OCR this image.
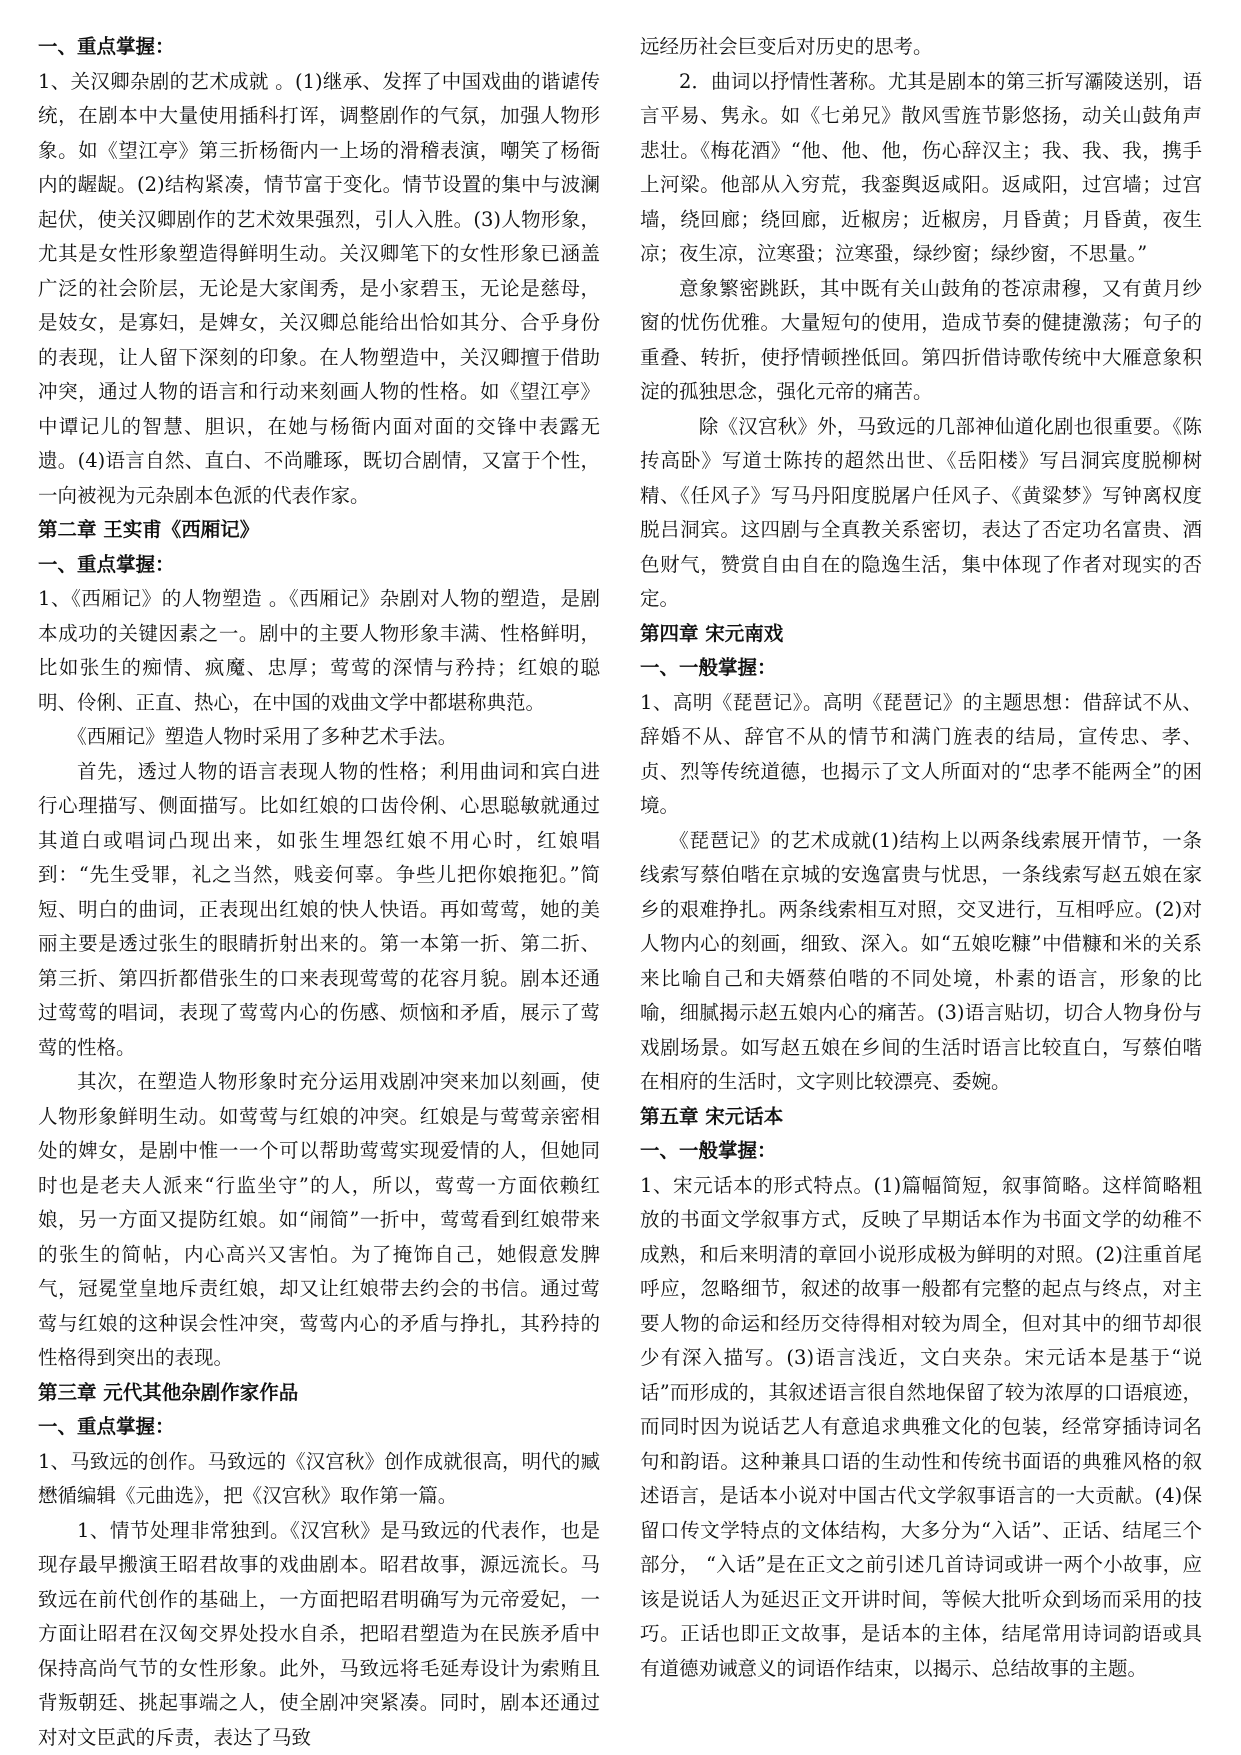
一、重点掌握：

1、关汉卿杂剧的艺术成就 。(1)继承、发挥了中国戏曲的谐谑传统，在剧本中大量使用插科打诨，调整剧作的气氛，加强人物形象。如《望江亭》第三折杨衙内一上场的滑稽表演，嘲笑了杨衙内的龌龊。(2)结构紧凑，情节富于变化。情节设置的集中与波澜起伏，使关汉卿剧作的艺术效果强烈，引人入胜。(3)人物形象，尤其是女性形象塑造得鲜明生动。关汉卿笔下的女性形象已涵盖广泛的社会阶层，无论是大家闺秀，是小家碧玉，无论是慈母，是妓女，是寡妇，是婢女，关汉卿总能给出恰如其分、合乎身份的表现，让人留下深刻的印象。在人物塑造中，关汉卿擅于借助冲突，通过人物的语言和行动来刻画人物的性格。如《望江亭》中谭记儿的智慧、胆识，在她与杨衙内面对面的交锋中表露无遗。(4)语言自然、直白、不尚雕琢，既切合剧情，又富于个性，一向被视为元杂剧本色派的代表作家。

第二章 王实甫《西厢记》

一、重点掌握：

1、《西厢记》的人物塑造 。《西厢记》杂剧对人物的塑造，是剧本成功的关键因素之一。剧中的主要人物形象丰满、性格鲜明，比如张生的痴情、疯魔、忠厚；莺莺的深情与矜持；红娘的聪明、伶俐、正直、热心，在中国的戏曲文学中都堪称典范。

《西厢记》塑造人物时采用了多种艺术手法。

首先，透过人物的语言表现人物的性格；利用曲词和宾白进行心理描写、侧面描写。比如红娘的口齿伶俐、心思聪敏就通过其道白或唱词凸现出来，如张生埋怨红娘不用心时，红娘唱到：“先生受罪，礼之当然，贱妾何辜。争些儿把你娘拖犯。”简短、明白的曲词，正表现出红娘的快人快语。再如莺莺，她的美丽主要是透过张生的眼睛折射出来的。第一本第一折、第二折、第三折、第四折都借张生的口来表现莺莺的花容月貌。剧本还通过莺莺的唱词，表现了莺莺内心的伤感、烦恼和矛盾，展示了莺莺的性格。

其次，在塑造人物形象时充分运用戏剧冲突来加以刻画，使人物形象鲜明生动。如莺莺与红娘的冲突。红娘是与莺莺亲密相处的婢女，是剧中惟一一个可以帮助莺莺实现爱情的人，但她同时也是老夫人派来“行监坐守”的人，所以，莺莺一方面依赖红娘，另一方面又提防红娘。如“闹简”一折中，莺莺看到红娘带来的张生的简帖，内心高兴又害怕。为了掩饰自己，她假意发脾气，冠冕堂皇地斥责红娘，却又让红娘带去约会的书信。通过莺莺与红娘的这种误会性冲突，莺莺内心的矛盾与挣扎，其矜持的性格得到突出的表现。

第三章 元代其他杂剧作家作品

一、重点掌握：

1、马致远的创作。马致远的《汉宫秋》创作成就很高，明代的臧懋循编辑《元曲选》，把《汉宫秋》取作第一篇。

1、情节处理非常独到。《汉宫秋》是马致远的代表作，也是现存最早搬演王昭君故事的戏曲剧本。昭君故事，源远流长。马致远在前代创作的基础上，一方面把昭君明确写为元帝爱妃，一方面让昭君在汉匈交界处投水自杀，把昭君塑造为在民族矛盾中保持高尚气节的女性形象。此外，马致远将毛延寿设计为索贿且背叛朝廷、挑起事端之人，使全剧冲突紧凑。同时，剧本还通过对对文臣武的斥责，表达了马致

远经历社会巨变后对历史的思考。

2．曲词以抒情性著称。尤其是剧本的第三折写灞陵送别，语言平易、隽永。如《七弟兄》散风雪旌节影悠扬，动关山鼓角声悲壮。《梅花酒》“他、他、他，伤心辞汉主；我、我、我，携手上河梁。他部从入穷荒，我銮舆返咸阳。返咸阳，过宫墙；过宫墙，绕回廊；绕回廊，近椒房；近椒房，月昏黄；月昏黄，夜生凉；夜生凉，泣寒蛩；泣寒蛩，绿纱窗；绿纱窗，不思量。”

意象繁密跳跃，其中既有关山鼓角的苍凉肃穆，又有黄月纱窗的忧伤优雅。大量短句的使用，造成节奏的健捷激荡；句子的重叠、转折，使抒情顿挫低回。第四折借诗歌传统中大雁意象积淀的孤独思念，强化元帝的痛苦。

　除《汉宫秋》外，马致远的几部神仙道化剧也很重要。《陈抟高卧》写道士陈抟的超然出世、《岳阳楼》写吕洞宾度脱柳树精、《任风子》写马丹阳度脱屠户任风子、《黄粱梦》写钟离权度脱吕洞宾。这四剧与全真教关系密切，表达了否定功名富贵、酒色财气，赞赏自由自在的隐逸生活，集中体现了作者对现实的否定。

第四章 宋元南戏

一、一般掌握：

1、高明《琵琶记》。高明《琵琶记》的主题思想：借辞试不从、辞婚不从、辞官不从的情节和满门旌表的结局，宣传忠、孝、贞、烈等传统道德，也揭示了文人所面对的“忠孝不能两全”的困境。

《琵琶记》的艺术成就(1)结构上以两条线索展开情节，一条线索写蔡伯喈在京城的安逸富贵与忧思，一条线索写赵五娘在家乡的艰难挣扎。两条线索相互对照，交叉进行，互相呼应。(2)对人物内心的刻画，细致、深入。如“五娘吃糠”中借糠和米的关系来比喻自己和夫婿蔡伯喈的不同处境，朴素的语言，形象的比喻，细腻揭示赵五娘内心的痛苦。(3)语言贴切，切合人物身份与戏剧场景。如写赵五娘在乡间的生活时语言比较直白，写蔡伯喈在相府的生活时，文字则比较漂亮、委婉。

第五章 宋元话本

一、一般掌握：

1、宋元话本的形式特点。(1)篇幅简短，叙事简略。这样简略粗放的书面文学叙事方式，反映了早期话本作为书面文学的幼稚不成熟，和后来明清的章回小说形成极为鲜明的对照。(2)注重首尾呼应，忽略细节，叙述的故事一般都有完整的起点与终点，对主要人物的命运和经历交待得相对较为周全，但对其中的细节却很少有深入描写。(3)语言浅近，文白夹杂。宋元话本是基于“说话”而形成的，其叙述语言很自然地保留了较为浓厚的口语痕迹，而同时因为说话艺人有意追求典雅文化的包装，经常穿插诗词名句和韵语。这种兼具口语的生动性和传统书面语的典雅风格的叙述语言，是话本小说对中国古代文学叙事语言的一大贡献。(4)保留口传文学特点的文体结构，大多分为“入话”、正话、结尾三个部分， “入话”是在正文之前引述几首诗词或讲一两个小故事，应该是说话人为延迟正文开讲时间，等候大批听众到场而采用的技巧。正话也即正文故事，是话本的主体，结尾常用诗词韵语或具有道德劝诫意义的词语作结束，以揭示、总结故事的主题。
